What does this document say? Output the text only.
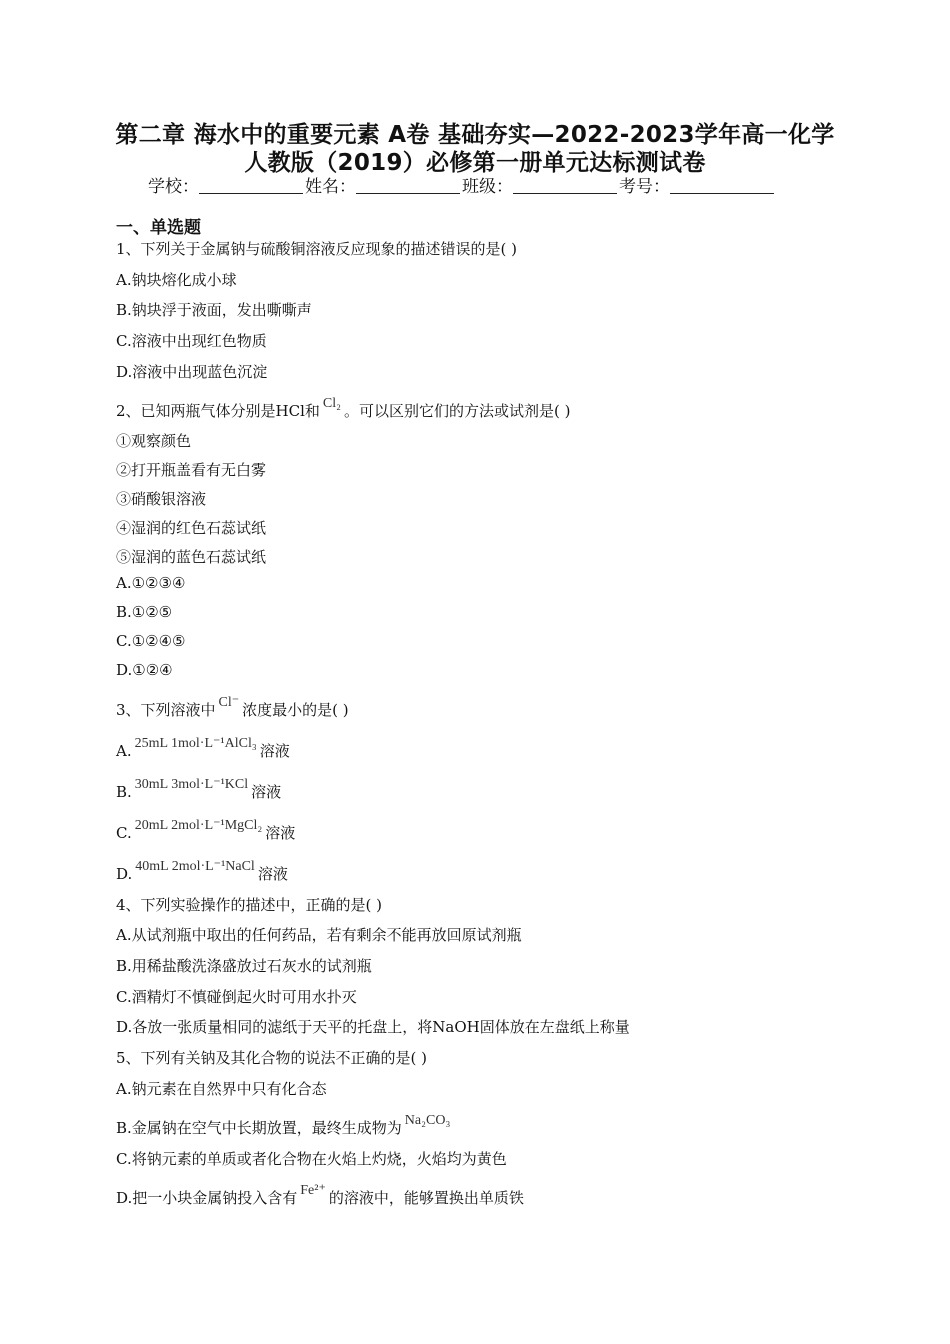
第二章 海水中的重要元素 A卷 基础夯实—2022-2023学年高一化学
人教版（2019）必修第一册单元达标测试卷
学校：	姓名：	班级：	考号：
一、单选题
1、下列关于金属钠与硫酸铜溶液反应现象的描述错误的是( )
A.钠块熔化成小球
B.钠块浮于液面，发出嘶嘶声
C.溶液中出现红色物质
D.溶液中出现蓝色沉淀
2、已知两瓶气体分别是HCl和 Cl₂ 。可以区别它们的方法或试剂是( )
①观察颜色
②打开瓶盖看有无白雾
③硝酸银溶液
④湿润的红色石蕊试纸
⑤湿润的蓝色石蕊试纸
A.①②③④
B.①②⑤
C.①②④⑤
D.①②④
3、下列溶液中 Cl⁻ 浓度最小的是( )
A. 25mL 1mol·L⁻¹AlCl₃ 溶液
B. 30mL 3mol·L⁻¹KCl 溶液
C. 20mL 2mol·L⁻¹MgCl₂ 溶液
D. 40mL 2mol·L⁻¹NaCl 溶液
4、下列实验操作的描述中，正确的是( )
A.从试剂瓶中取出的任何药品，若有剩余不能再放回原试剂瓶
B.用稀盐酸洗涤盛放过石灰水的试剂瓶
C.酒精灯不慎碰倒起火时可用水扑灭
D.各放一张质量相同的滤纸于天平的托盘上，将NaOH固体放在左盘纸上称量
5、下列有关钠及其化合物的说法不正确的是( )
A.钠元素在自然界中只有化合态
B.金属钠在空气中长期放置，最终生成物为 Na₂CO₃
C.将钠元素的单质或者化合物在火焰上灼烧，火焰均为黄色
D.把一小块金属钠投入含有 Fe²⁺ 的溶液中，能够置换出单质铁
